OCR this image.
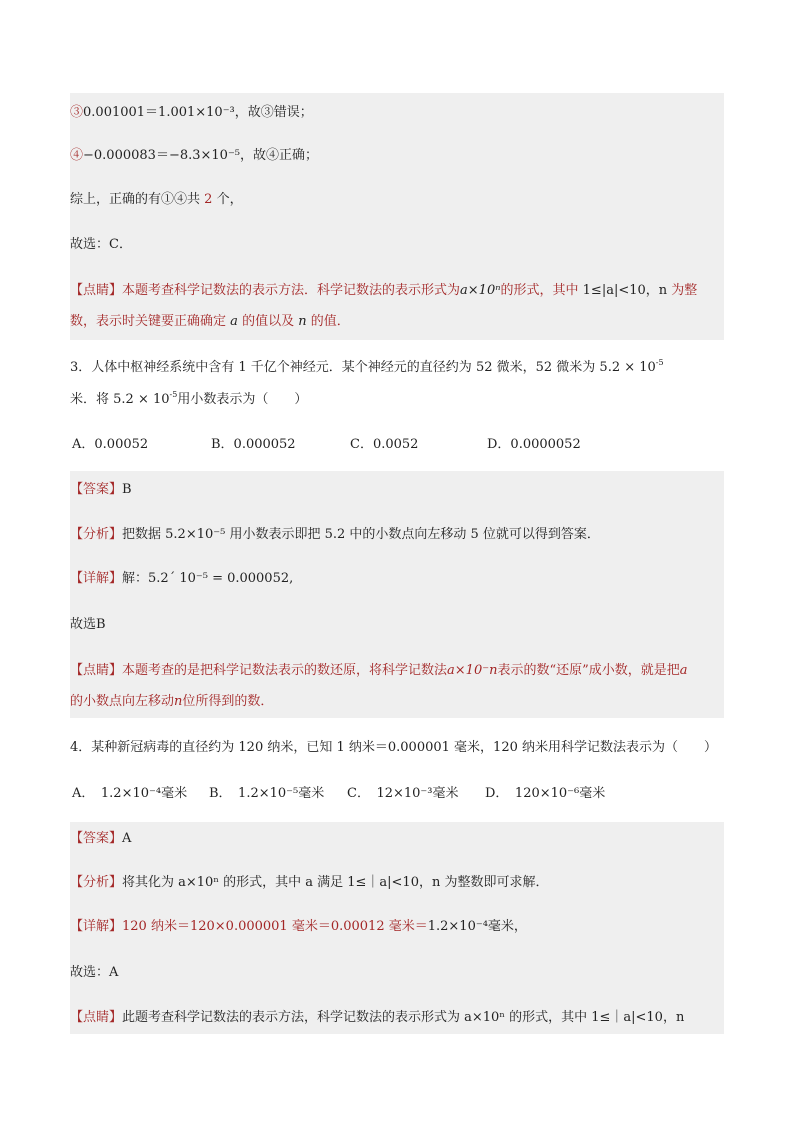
③0.001001＝1.001×10⁻³，故③错误；
④−0.000083＝−8.3×10⁻⁵，故④正确；
综上，正确的有①④共 2 个，
故选：C．
【点睛】本题考查科学记数法的表示方法．科学记数法的表示形式为a×10ⁿ的形式，其中 1≤|a|<10，n 为整
数，表示时关键要正确确定 a 的值以及 n 的值．
3．人体中枢神经系统中含有 1 千亿个神经元．某个神经元的直径约为 52 微米，52 微米为 $5.2 \times 10^{-5}$
米．将 $5.2 \times 10^{-5}$用小数表示为（　　）
A．0.00052	B．0.000052	C．0.0052	D．0.0000052
【答案】B
【分析】把数据 5.2×10⁻⁵ 用小数表示即把 5.2 中的小数点向左移动 5 位就可以得到答案．
【详解】解：5.2´ 10⁻⁵ = 0.000052,
故选B
【点睛】本题考查的是把科学记数法表示的数还原，将科学记数法a×10⁻n表示的数“还原”成小数，就是把a
的小数点向左移动n位所得到的数．
4．某种新冠病毒的直径约为 120 纳米，已知 1 纳米＝0.000001 毫米，120 纳米用科学记数法表示为（　　）
A．　1.2×10⁻⁴毫米 B．　1.2×10⁻⁵毫米 C．　12×10⁻³毫米 D．　120×10⁻⁶毫米
【答案】A
【分析】将其化为 a×10ⁿ 的形式，其中 a 满足 1≤｜a|<10，n 为整数即可求解．
【详解】120 纳米＝120×0.000001 毫米＝0.00012 毫米＝1.2×10⁻⁴毫米，
故选：A
【点睛】此题考查科学记数法的表示方法，科学记数法的表示形式为 a×10ⁿ 的形式，其中 1≤｜a|<10，n
